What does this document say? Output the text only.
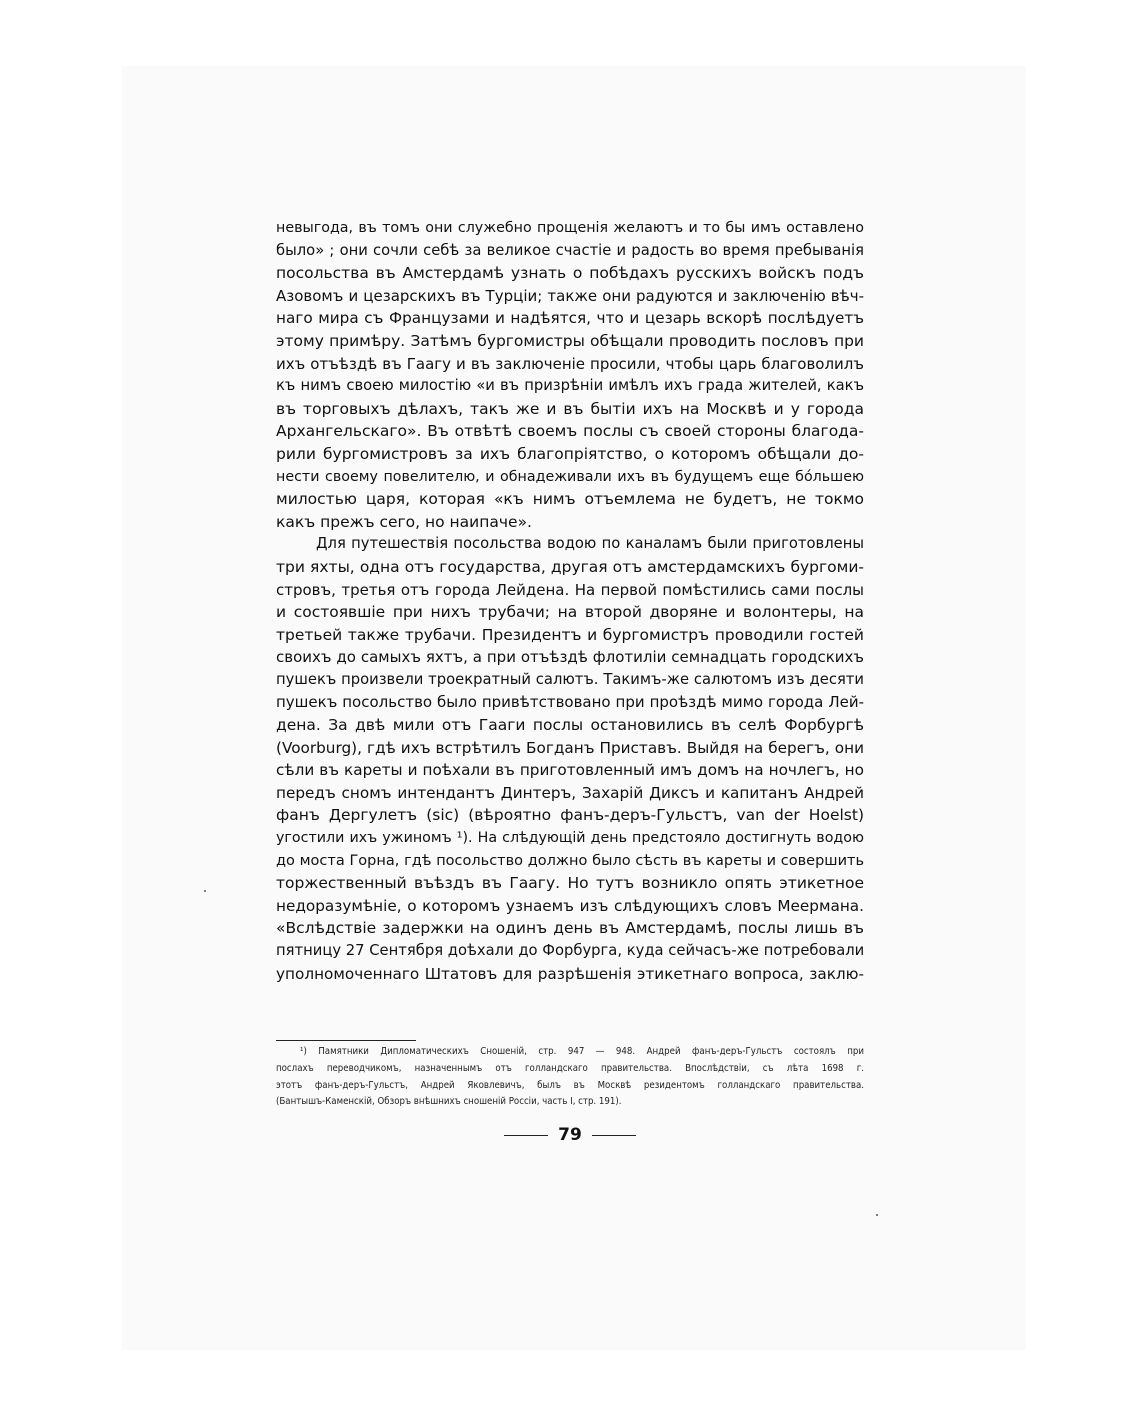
невыгода, въ томъ они служебно прощенія желаютъ и то бы имъ оставлено
было» ; они сочли себѣ за великое счастіе и радость во время пребыванія
посольства въ Амстердамѣ узнать о побѣдахъ русскихъ войскъ подъ
Азовомъ и цезарскихъ въ Турціи; также они радуются и заключенію вѣч-
наго мира съ Французами и надѣятся, что и цезарь вскорѣ послѣдуетъ
этому примѣру. Затѣмъ бургомистры обѣщали проводить пословъ при
ихъ отъѣздѣ въ Гаагу и въ заключеніе просили, чтобы царь благоволилъ
къ нимъ своею милостію «и въ призрѣніи имѣлъ ихъ града жителей, какъ
въ торговыхъ дѣлахъ, такъ же и въ бытіи ихъ на Москвѣ и у города
Архангельскаго». Въ отвѣтѣ своемъ послы съ своей стороны благода-
рили бургомистровъ за ихъ благопріятство, о которомъ обѣщали до-
нести своему повелителю, и обнадеживали ихъ въ будущемъ еще бóльшею
милостью царя, которая «къ нимъ отъемлема не будетъ, не токмо
какъ прежъ сего, но наипаче».
Для путешествія посольства водою по каналамъ были приготовлены
три яхты, одна отъ государства, другая отъ амстердамскихъ бургоми-
стровъ, третья отъ города Лейдена. На первой помѣстились сами послы
и состоявшіе при нихъ трубачи; на второй дворяне и волонтеры, на
третьей также трубачи. Президентъ и бургомистръ проводили гостей
своихъ до самыхъ яхтъ, а при отъѣздѣ флотиліи семнадцать городскихъ
пушекъ произвели троекратный салютъ. Такимъ-же салютомъ изъ десяти
пушекъ посольство было привѣтствовано при проѣздѣ мимо города Лей-
дена. За двѣ мили отъ Гааги послы остановились въ селѣ Форбургѣ
(Voorburg), гдѣ ихъ встрѣтилъ Богданъ Приставъ. Выйдя на берегъ, они
сѣли въ кареты и поѣхали въ приготовленный имъ домъ на ночлегъ, но
передъ сномъ интендантъ Динтеръ, Захарій Диксъ и капитанъ Андрей
фанъ Дергулетъ (sic) (вѣроятно фанъ-деръ-Гульстъ, van der Hoelst)
угостили ихъ ужиномъ ¹). На слѣдующій день предстояло достигнуть водою
до моста Горна, гдѣ посольство должно было сѣсть въ кареты и совершить
торжественный въѣздъ въ Гаагу. Но тутъ возникло опять этикетное
недоразумѣніе, о которомъ узнаемъ изъ слѣдующихъ словъ Меермана.
«Вслѣдствіе задержки на одинъ день въ Амстердамѣ, послы лишь въ
пятницу 27 Сентября доѣхали до Форбурга, куда сейчасъ-же потребовали
уполномоченнаго Штатовъ для разрѣшенія этикетнаго вопроса, заклю-
¹) Памятники Дипломатическихъ Сношеній, стр. 947 — 948. Андрей фанъ-деръ-Гульстъ состоялъ при
послахъ переводчикомъ, назначеннымъ отъ голландскаго правительства. Впослѣдствіи, съ лѣта 1698 г.
этотъ фанъ-деръ-Гульстъ, Андрей Яковлевичъ, былъ въ Москвѣ резидентомъ голландскаго правительства.
(Бантышъ-Каменскій, Обзоръ внѣшнихъ сношеній Россіи, часть I, стр. 191).
79
